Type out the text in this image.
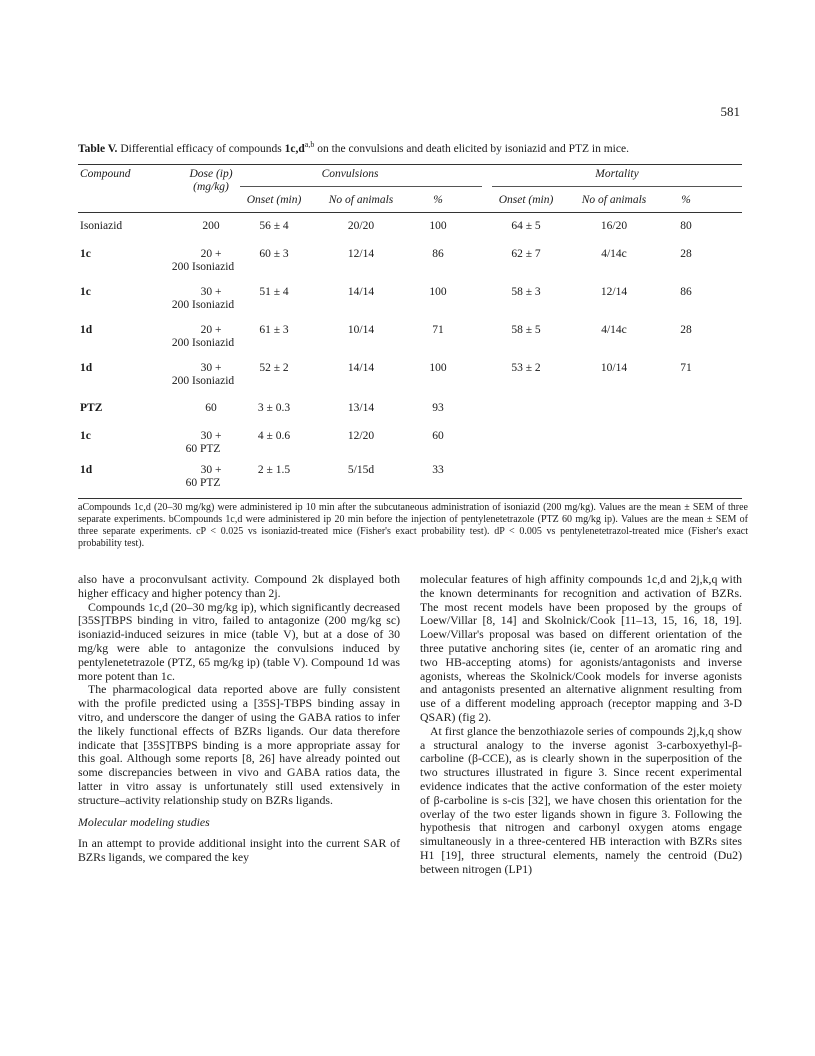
581
Table V. Differential efficacy of compounds $1c,d^{a,b}$ on the convulsions and death elicited by isoniazid and PTZ in mice.
Compound	Dose (ip)
(mg/kg)
Convulsions	Mortality
Onset (min)	No of animals	%	Onset (min)	No of animals	%
Isoniazid	200	56 ± 4	20/20	100	64 ± 5	16/20	80
1c	20 +	60 ± 3	12/14	86	62 ± 7	4/14c	28
200 Isoniazid
1c	30 +	51 ± 4	14/14	100	58 ± 3	12/14	86
200 Isoniazid
1d	20 +	61 ± 3	10/14	71	58 ± 5	4/14c	28
200 Isoniazid
1d	30 +	52 ± 2	14/14	100	53 ± 2	10/14	71
200 Isoniazid
PTZ	60	3 ± 0.3	13/14	93
1c	30 +	4 ± 0.6	12/20	60
60 PTZ
1d	30 +	2 ± 1.5	5/15d	33
60 PTZ
aCompounds 1c,d (20–30 mg/kg) were administered ip 10 min after the subcutaneous administration of isoniazid (200 mg/kg). Values are the mean ± SEM of three separate experiments. bCompounds 1c,d were administered ip 20 min before the injection of pentylenetetrazole (PTZ 60 mg/kg ip). Values are the mean ± SEM of three separate experiments. cP < 0.025 vs isoniazid-treated mice (Fisher's exact probability test). dP < 0.005 vs pentylenetetrazol-treated mice (Fisher's exact probability test).

also have a proconvulsant activity. Compound 2k displayed both higher efficacy and higher potency than 2j.

Compounds 1c,d (20–30 mg/kg ip), which significantly decreased [35S]TBPS binding in vitro, failed to antagonize (200 mg/kg sc) isoniazid-induced seizures in mice (table V), but at a dose of 30 mg/kg were able to antagonize the convulsions induced by pentylenetetrazole (PTZ, 65 mg/kg ip) (table V). Compound 1d was more potent than 1c.

The pharmacological data reported above are fully consistent with the profile predicted using a [35S]-TBPS binding assay in vitro, and underscore the danger of using the GABA ratios to infer the likely functional effects of BZRs ligands. Our data therefore indicate that [35S]TBPS binding is a more appropriate assay for this goal. Although some reports [8, 26] have already pointed out some discrepancies between in vivo and GABA ratios data, the latter in vitro assay is unfortunately still used extensively in structure–activity relationship study on BZRs ligands.

Molecular modeling studies

In an attempt to provide additional insight into the current SAR of BZRs ligands, we compared the key

molecular features of high affinity compounds 1c,d and 2j,k,q with the known determinants for recognition and activation of BZRs. The most recent models have been proposed by the groups of Loew/Villar [8, 14] and Skolnick/Cook [11–13, 15, 16, 18, 19]. Loew/Villar's proposal was based on different orientation of the three putative anchoring sites (ie, center of an aromatic ring and two HB-accepting atoms) for agonists/antagonists and inverse agonists, whereas the Skolnick/Cook models for inverse agonists and antagonists presented an alternative alignment resulting from use of a different modeling approach (receptor mapping and 3-D QSAR) (fig 2).

At first glance the benzothiazole series of compounds 2j,k,q show a structural analogy to the inverse agonist 3-carboxyethyl-β-carboline (β-CCE), as is clearly shown in the superposition of the two structures illustrated in figure 3. Since recent experimental evidence indicates that the active conformation of the ester moiety of β-carboline is s-cis [32], we have chosen this orientation for the overlay of the two ester ligands shown in figure 3. Following the hypothesis that nitrogen and carbonyl oxygen atoms engage simultaneously in a three-centered HB interaction with BZRs sites H1 [19], three structural elements, namely the centroid (Du2) between nitrogen (LP1)
